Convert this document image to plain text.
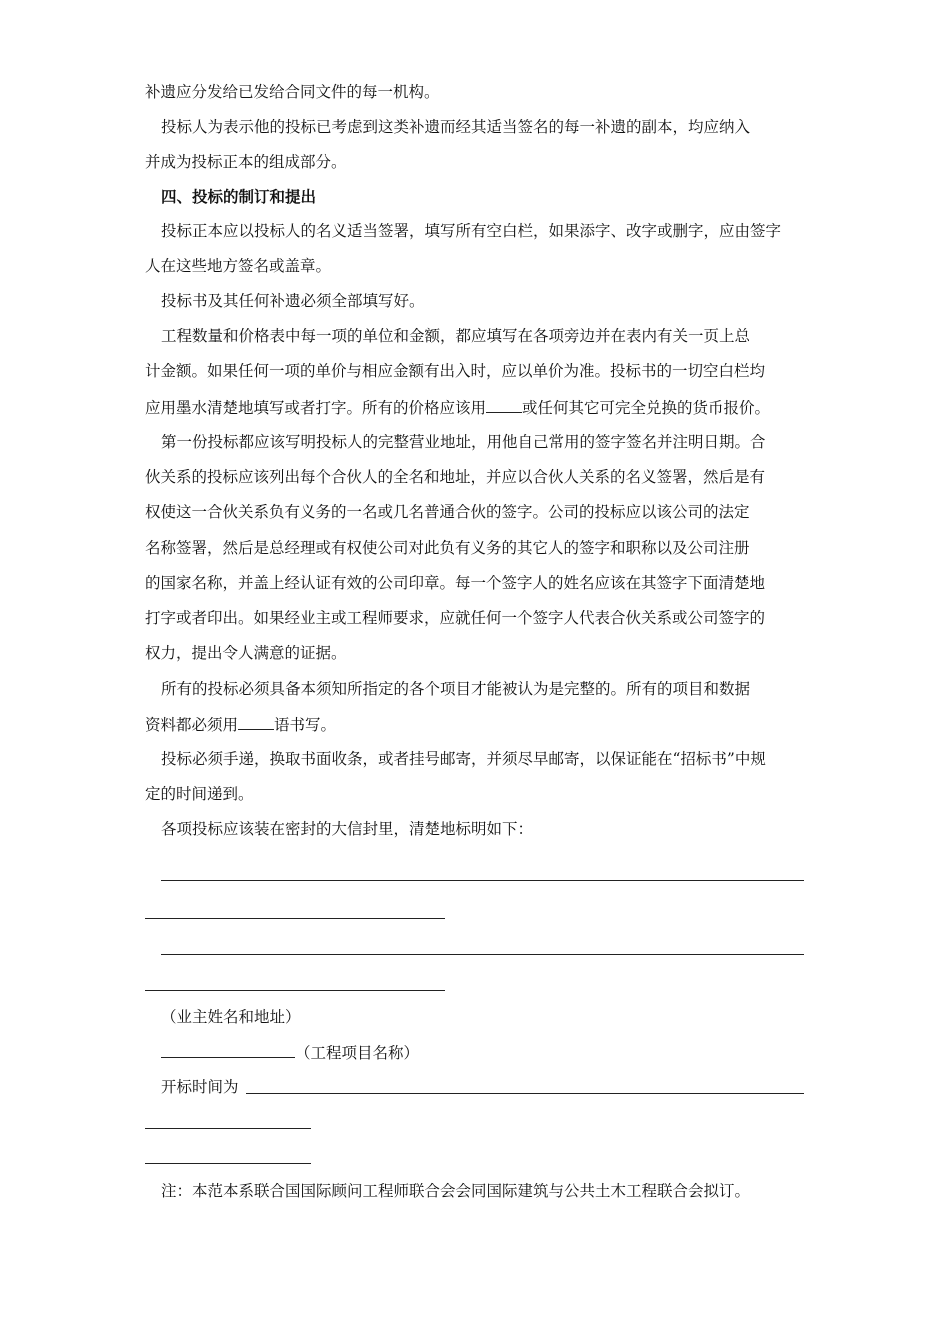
补遗应分发给已发给合同文件的每一机构。
投标人为表示他的投标已考虑到这类补遗而经其适当签名的每一补遗的副本，均应纳入
并成为投标正本的组成部分。
四、投标的制订和提出
投标正本应以投标人的名义适当签署，填写所有空白栏，如果添字、改字或删字，应由签字
人在这些地方签名或盖章。
投标书及其任何补遗必须全部填写好。
工程数量和价格表中每一项的单位和金额，都应填写在各项旁边并在表内有关一页上总
计金额。如果任何一项的单价与相应金额有出入时，应以单价为准。投标书的一切空白栏均
应用墨水清楚地填写或者打字。所有的价格应该用 或任何其它可完全兑换的货币报价。
第一份投标都应该写明投标人的完整营业地址，用他自己常用的签字签名并注明日期。合
伙关系的投标应该列出每个合伙人的全名和地址，并应以合伙人关系的名义签署，然后是有
权使这一合伙关系负有义务的一名或几名普通合伙的签字。公司的投标应以该公司的法定
名称签署，然后是总经理或有权使公司对此负有义务的其它人的签字和职称以及公司注册
的国家名称，并盖上经认证有效的公司印章。每一个签字人的姓名应该在其签字下面清楚地
打字或者印出。如果经业主或工程师要求，应就任何一个签字人代表合伙关系或公司签字的
权力，提出令人满意的证据。
所有的投标必须具备本须知所指定的各个项目才能被认为是完整的。所有的项目和数据
资料都必须用 语书写。
投标必须手递，换取书面收条，或者挂号邮寄，并须尽早邮寄，以保证能在“招标书”中规
定的时间递到。
各项投标应该装在密封的大信封里，清楚地标明如下：
（业主姓名和地址）
（工程项目名称）
开标时间为
注：本范本系联合国国际顾问工程师联合会会同国际建筑与公共土木工程联合会拟订。
